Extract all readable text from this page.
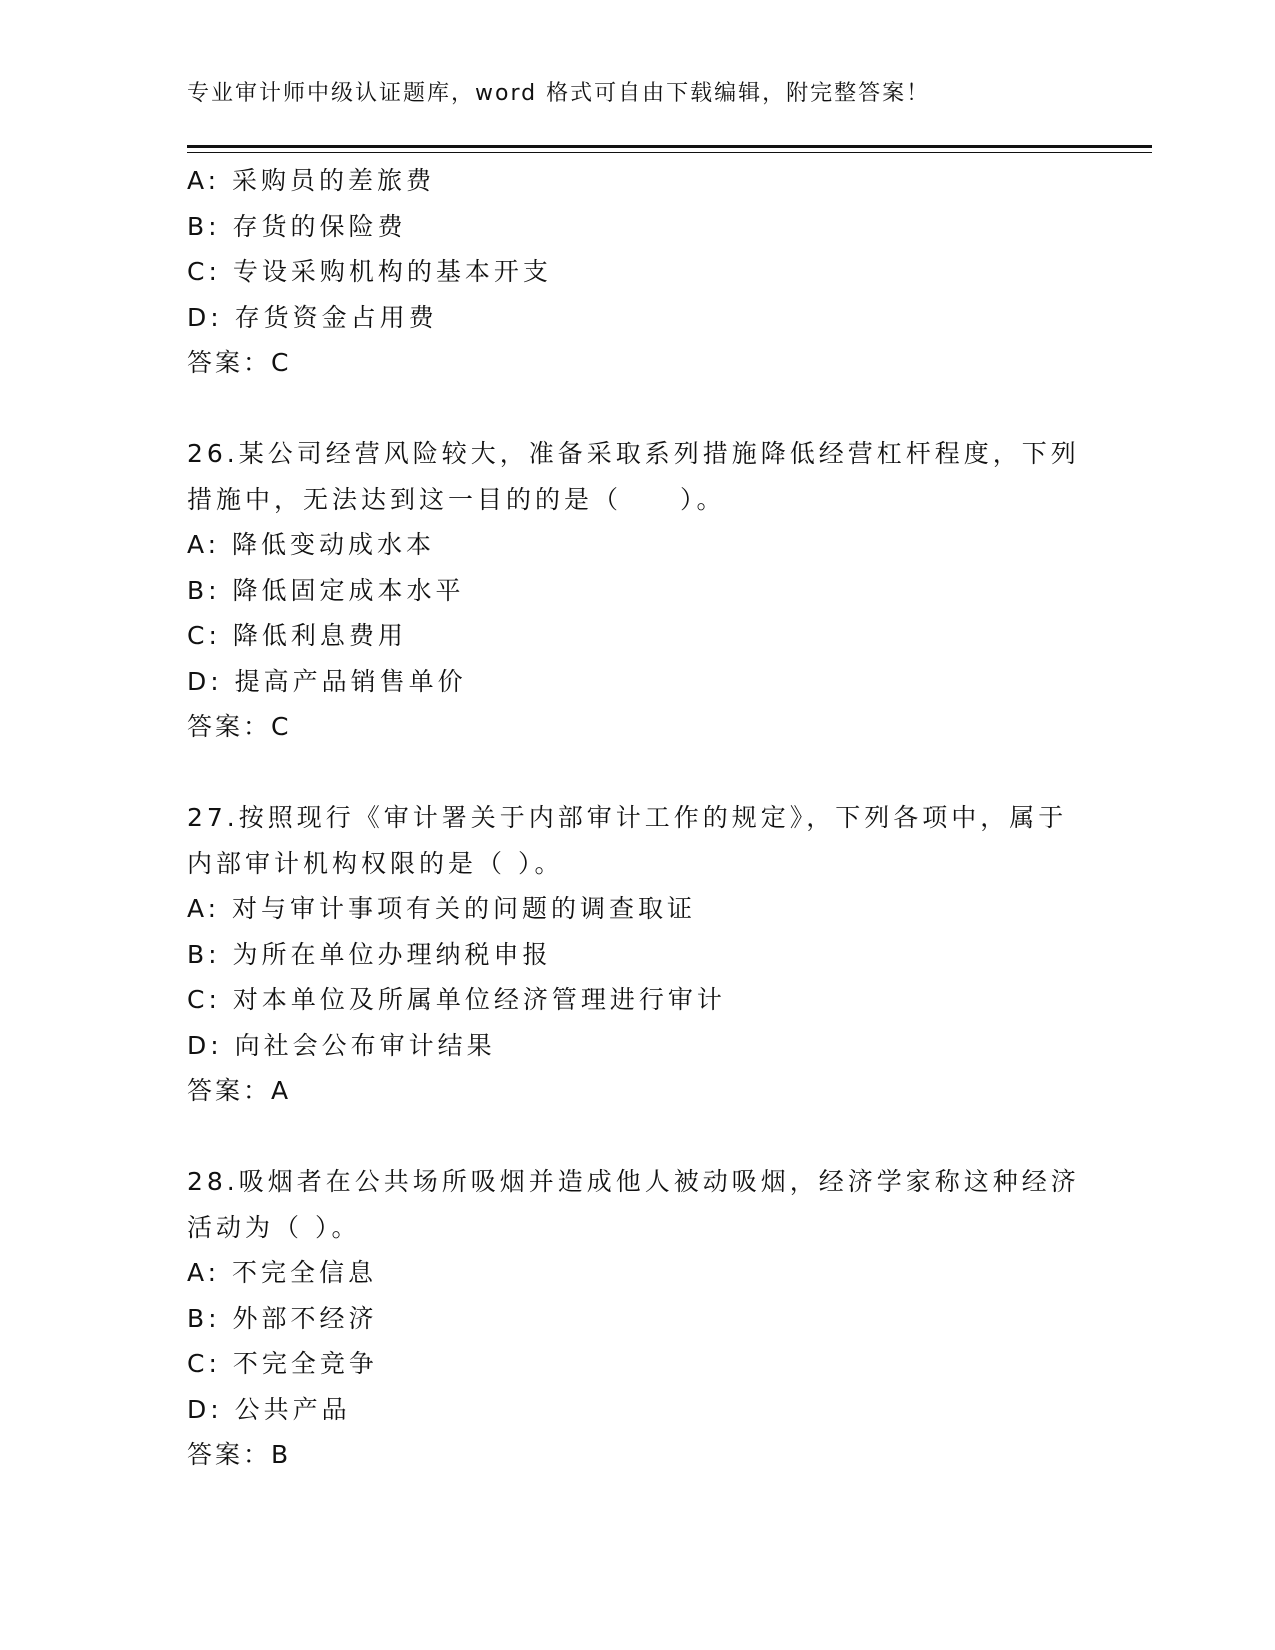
专业审计师中级认证题库，word 格式可自由下载编辑，附完整答案！
A: 采购员的差旅费
B: 存货的保险费
C: 专设采购机构的基本开支
D: 存货资金占用费
答案：C
26.某公司经营风险较大，准备采取系列措施降低经营杠杆程度，下列
措施中，无法达到这一目的的是（　　）。
A: 降低变动成水本
B: 降低固定成本水平
C: 降低利息费用
D: 提高产品销售单价
答案：C
27.按照现行《审计署关于内部审计工作的规定》，下列各项中，属于
内部审计机构权限的是（ ）。
A: 对与审计事项有关的问题的调查取证
B: 为所在单位办理纳税申报
C: 对本单位及所属单位经济管理进行审计
D: 向社会公布审计结果
答案：A
28.吸烟者在公共场所吸烟并造成他人被动吸烟，经济学家称这种经济
活动为（ ）。
A: 不完全信息
B: 外部不经济
C: 不完全竞争
D: 公共产品
答案：B
